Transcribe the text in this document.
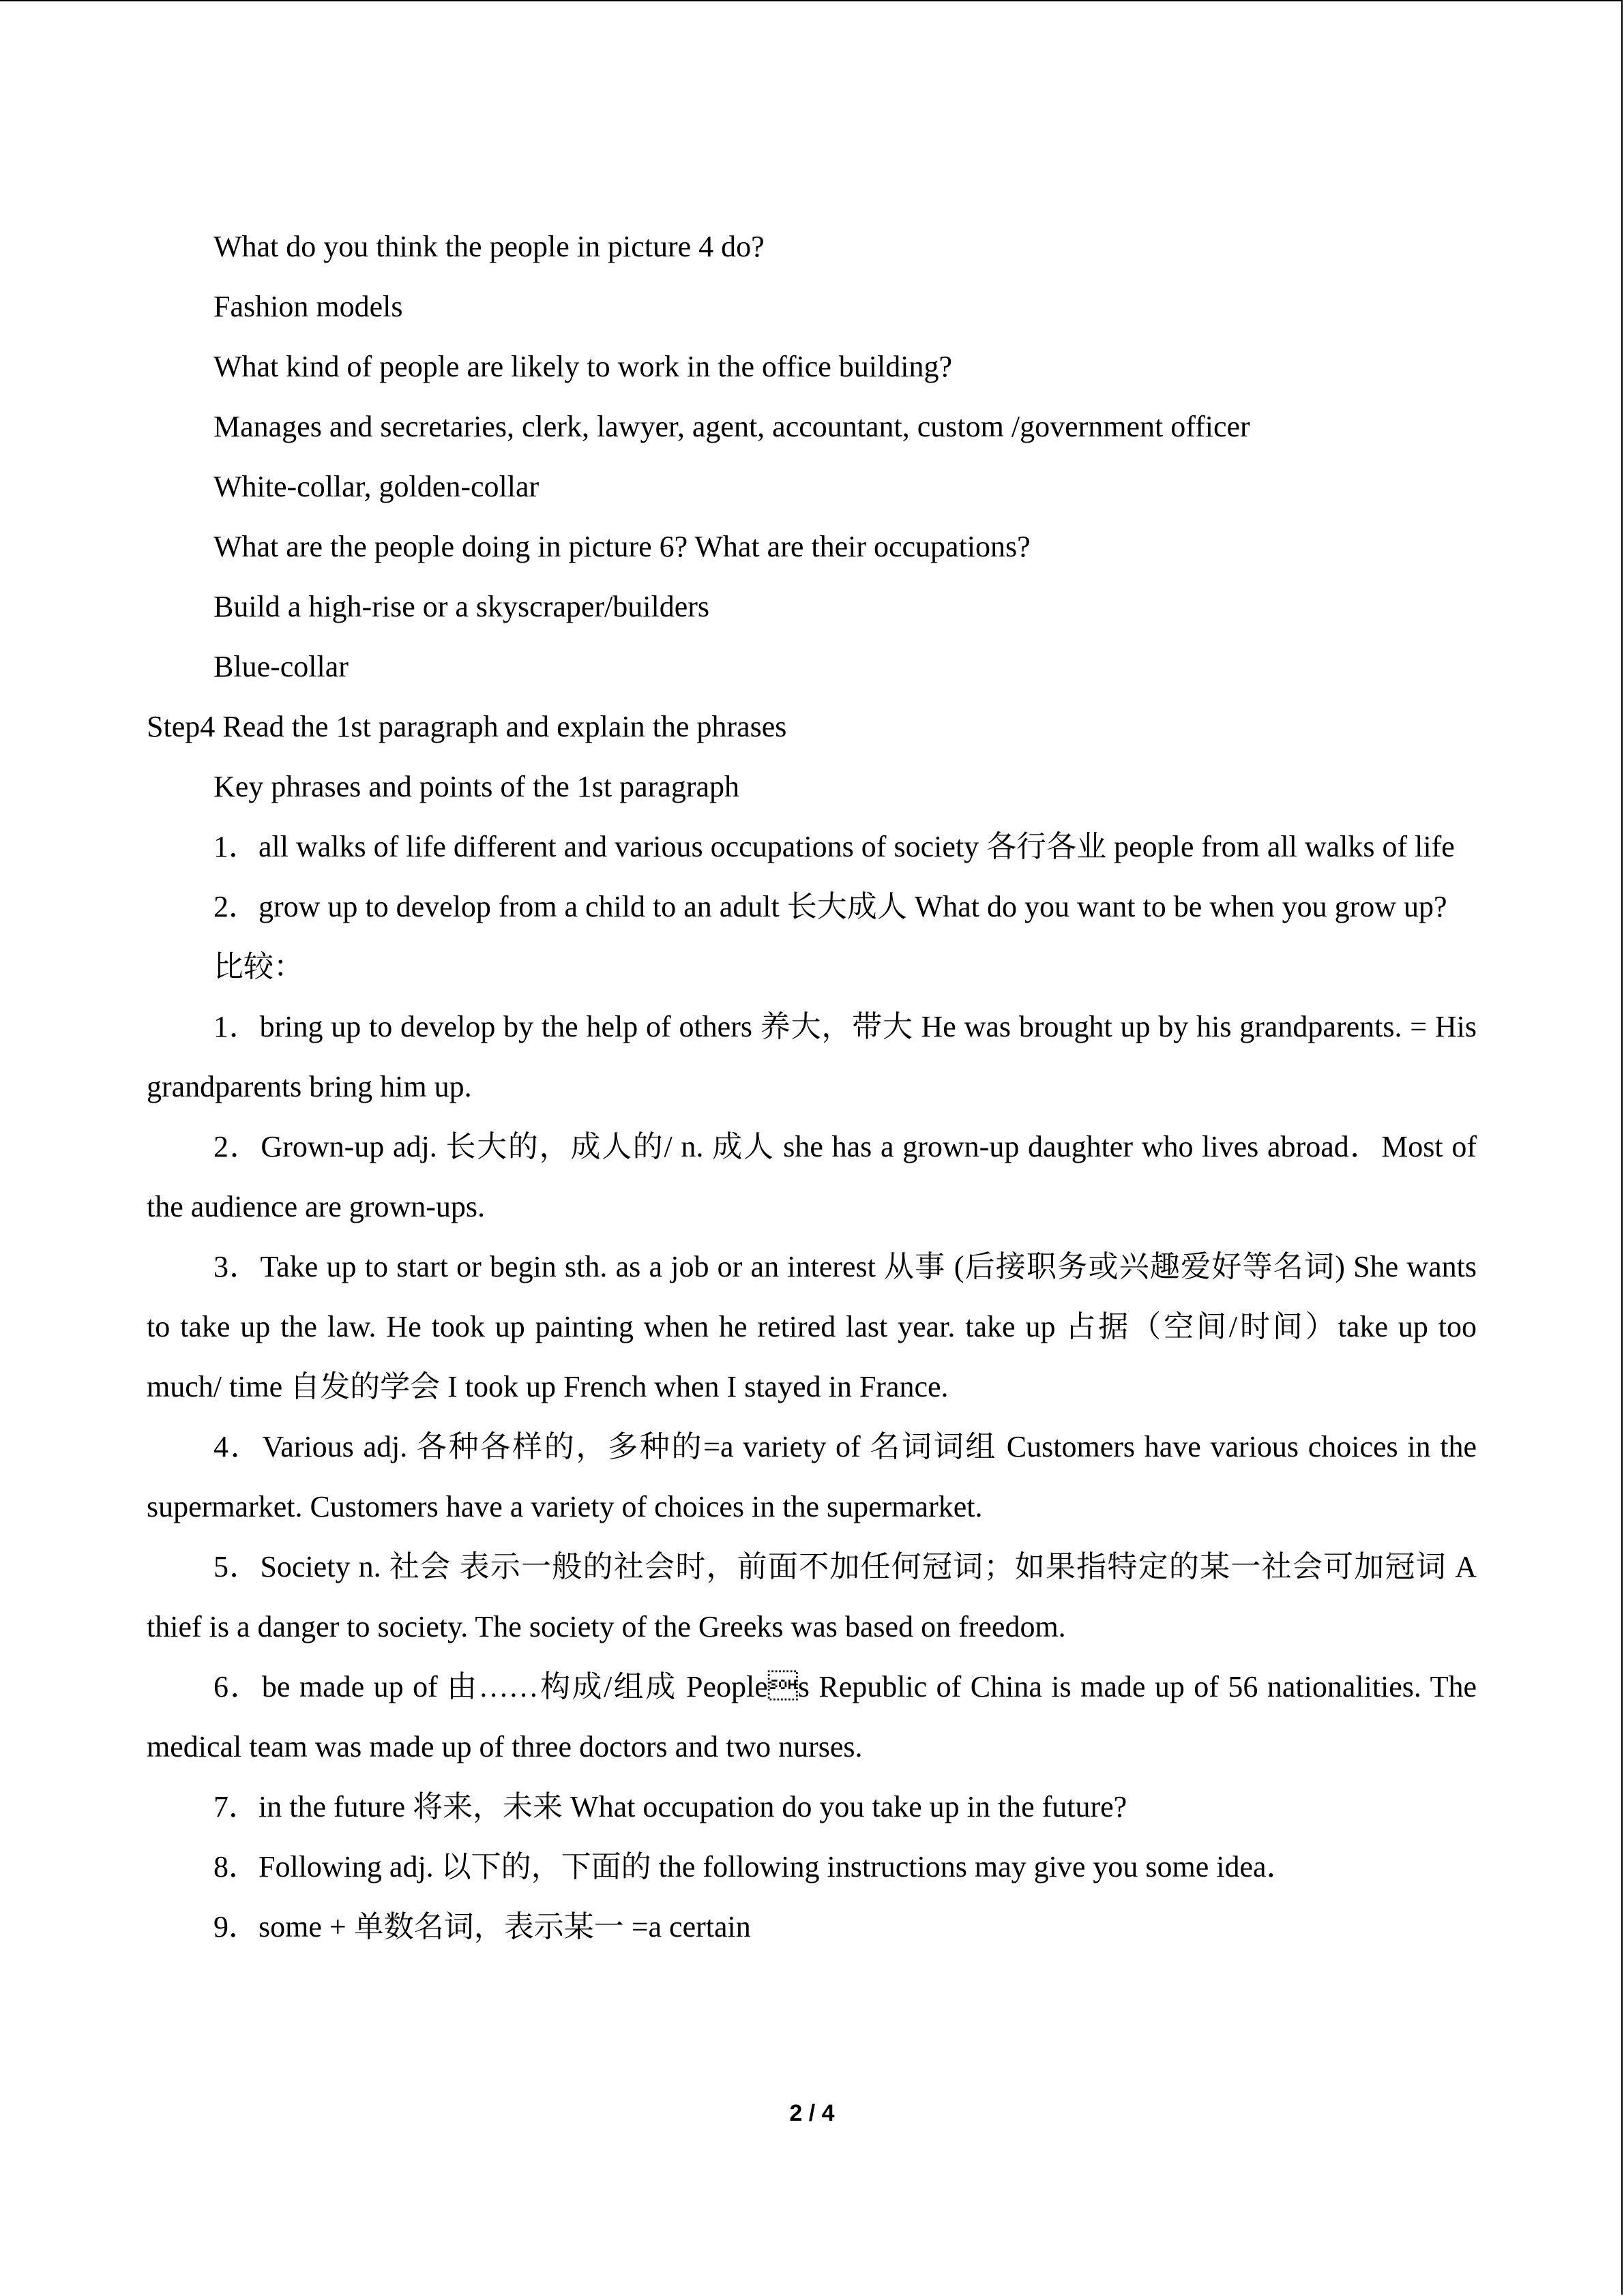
What do you think the people in picture 4 do?

Fashion models

What kind of people are likely to work in the office building?

Manages and secretaries, clerk, lawyer, agent, accountant, custom /government officer

White-collar, golden-collar

What are the people doing in picture 6? What are their occupations?

Build a high-rise or a skyscraper/builders

Blue-collar

Step4 Read the 1st paragraph and explain the phrases

Key phrases and points of the 1st paragraph

1．all walks of life different and various occupations of society 各行各业 people from all walks of life

2．grow up to develop from a child to an adult 长大成人 What do you want to be when you grow up?

比较：

1．bring up to develop by the help of others 养大，带大 He was brought up by his grandparents. = His grandparents bring him up.

2．Grown-up adj. 长大的，成人的/ n. 成人 she has a grown-up daughter who lives abroad．Most of the audience are grown-ups.

3．Take up to start or begin sth. as a job or an interest 从事 (后接职务或兴趣爱好等名词) She wants to take up the law. He took up painting when he retired last year. take up 占据（空间/时间）take up too much/ time 自发的学会 I took up French when I stayed in France.

4．Various adj. 各种各样的，多种的=a variety of 名词词组 Customers have various choices in the supermarket. Customers have a variety of choices in the supermarket.

5．Society n. 社会 表示一般的社会时，前面不加任何冠词；如果指特定的某一社会可加冠词 A thief is a danger to society. The society of the Greeks was based on freedom.

6．be made up of 由……构成/组成 Peoples Republic of China is made up of 56 nationalities. The medical team was made up of three doctors and two nurses.

7．in the future 将来，未来 What occupation do you take up in the future?

8．Following adj. 以下的，下面的 the following instructions may give you some idea．

9．some + 单数名词，表示某一 =a certain

2 / 4
